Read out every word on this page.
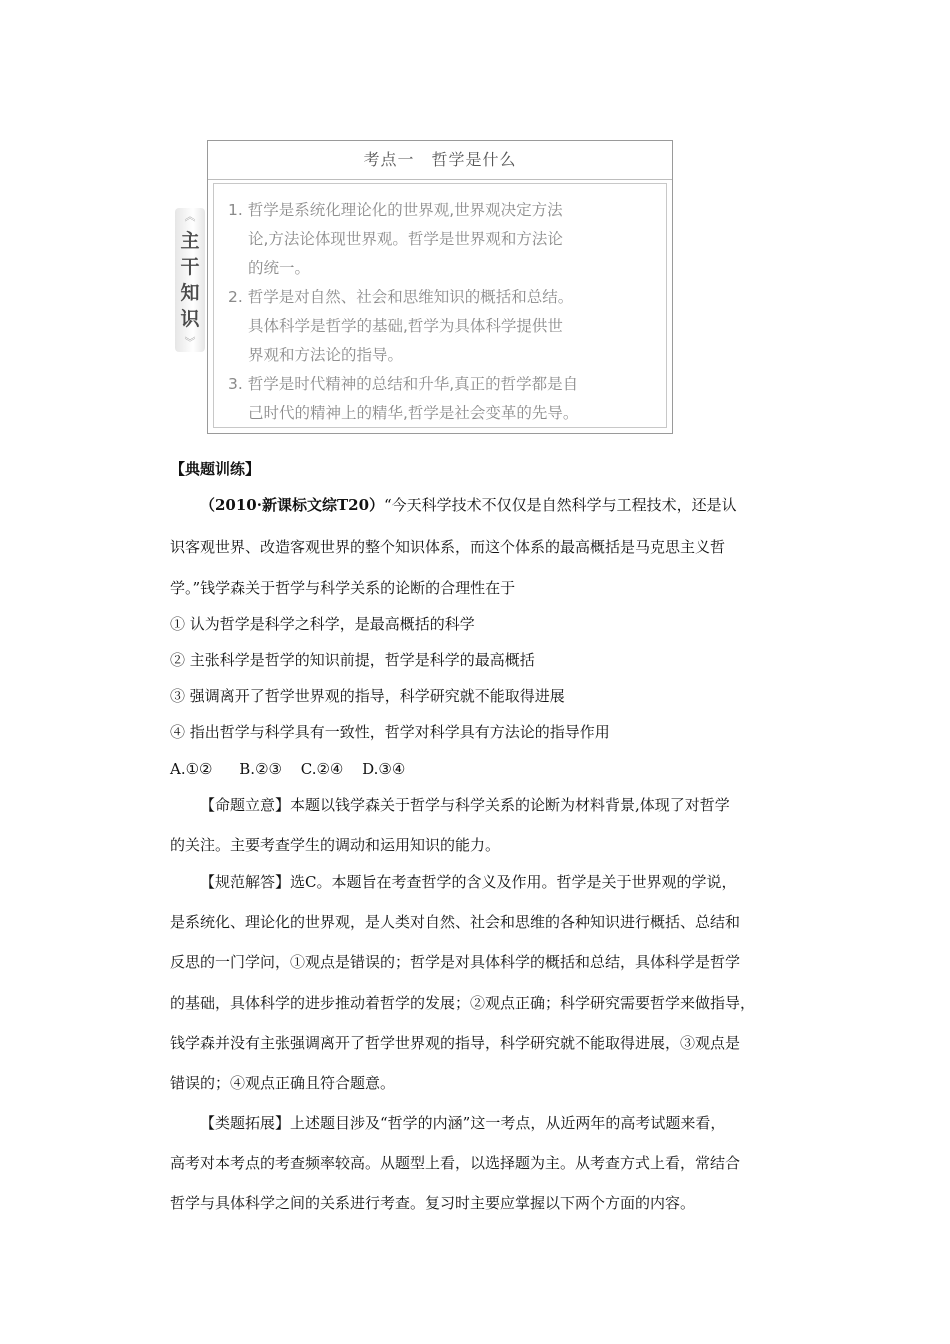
︽
主
干
知
识
︾
考点一　哲学是什么
1. 哲学是系统化理论化的世界观,世界观决定方法
论,方法论体现世界观。哲学是世界观和方法论
的统一。
2. 哲学是对自然、社会和思维知识的概括和总结。
具体科学是哲学的基础,哲学为具体科学提供世
界观和方法论的指导。
3. 哲学是时代精神的总结和升华,真正的哲学都是自
己时代的精神上的精华,哲学是社会变革的先导。
【典题训练】
（2010·新课标文综T20）“今天科学技术不仅仅是自然科学与工程技术，还是认
识客观世界、改造客观世界的整个知识体系，而这个体系的最高概括是马克思主义哲
学。”钱学森关于哲学与科学关系的论断的合理性在于
① 认为哲学是科学之科学，是最高概括的科学
② 主张科学是哲学的知识前提，哲学是科学的最高概括
③ 强调离开了哲学世界观的指导，科学研究就不能取得进展
④ 指出哲学与科学具有一致性，哲学对科学具有方法论的指导作用
A.①② B.②③ C.②④ D.③④
【命题立意】本题以钱学森关于哲学与科学关系的论断为材料背景,体现了对哲学
的关注。主要考查学生的调动和运用知识的能力。
【规范解答】选C。本题旨在考查哲学的含义及作用。哲学是关于世界观的学说，
是系统化、理论化的世界观，是人类对自然、社会和思维的各种知识进行概括、总结和
反思的一门学问，①观点是错误的；哲学是对具体科学的概括和总结，具体科学是哲学
的基础，具体科学的进步推动着哲学的发展；②观点正确；科学研究需要哲学来做指导，
钱学森并没有主张强调离开了哲学世界观的指导，科学研究就不能取得进展，③观点是
错误的；④观点正确且符合题意。
【类题拓展】上述题目涉及“哲学的内涵”这一考点，从近两年的高考试题来看，
高考对本考点的考查频率较高。从题型上看，以选择题为主。从考查方式上看，常结合
哲学与具体科学之间的关系进行考查。复习时主要应掌握以下两个方面的内容。
